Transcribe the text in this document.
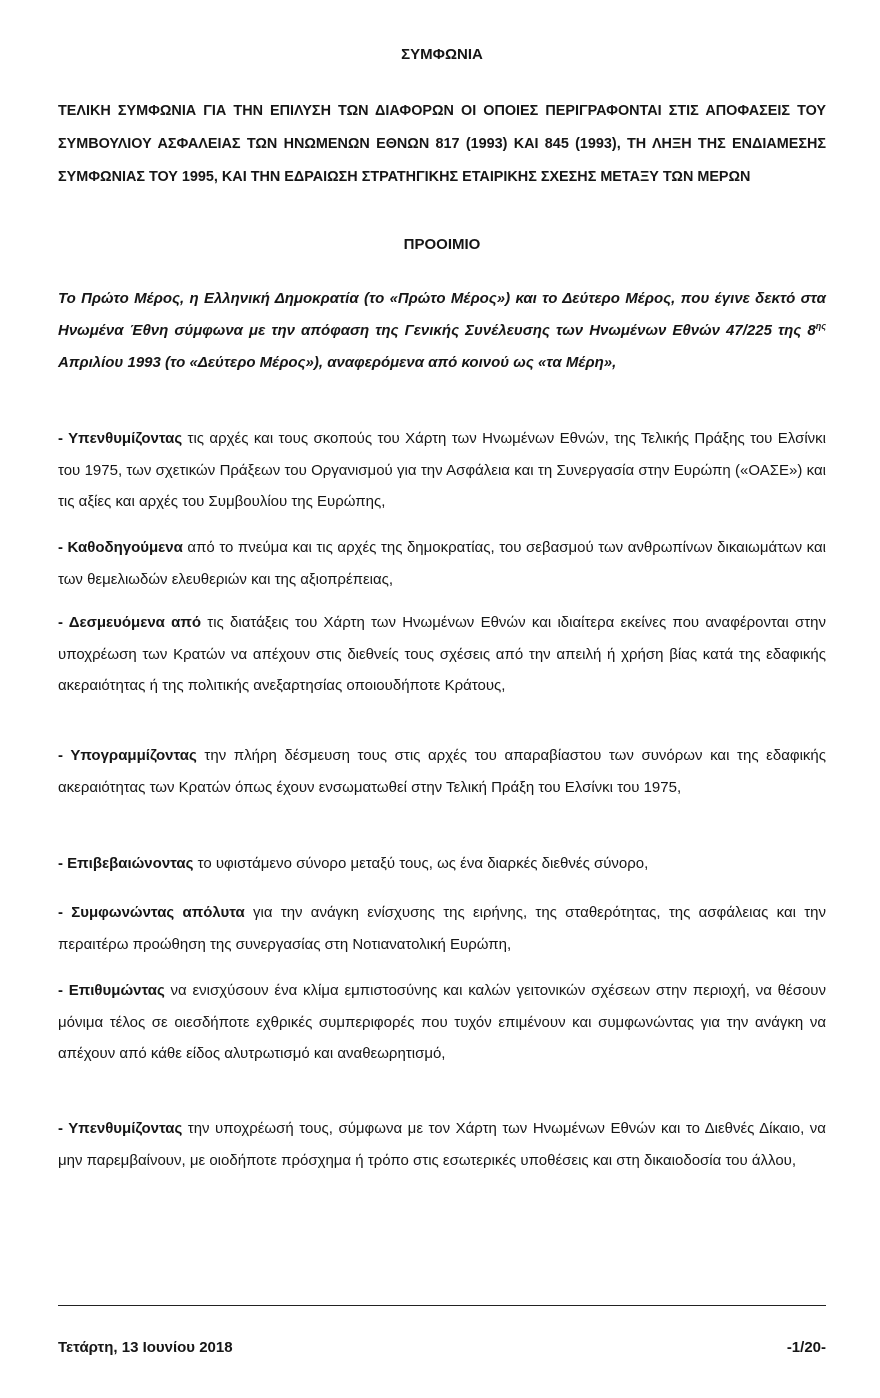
ΣΥΜΦΩΝΙΑ
ΤΕΛΙΚΗ ΣΥΜΦΩΝΙΑ ΓΙΑ ΤΗΝ ΕΠΙΛΥΣΗ ΤΩΝ ΔΙΑΦΟΡΩΝ ΟΙ ΟΠΟΙΕΣ ΠΕΡΙΓΡΑΦΟΝΤΑΙ ΣΤΙΣ ΑΠΟΦΑΣΕΙΣ ΤΟΥ ΣΥΜΒΟΥΛΙΟΥ ΑΣΦΑΛΕΙΑΣ ΤΩΝ ΗΝΩΜΕΝΩΝ ΕΘΝΩΝ 817 (1993) ΚΑΙ 845 (1993), ΤΗ ΛΗΞΗ ΤΗΣ ΕΝΔΙΑΜΕΣΗΣ ΣΥΜΦΩΝΙΑΣ ΤΟΥ 1995, ΚΑΙ ΤΗΝ ΕΔΡΑΙΩΣΗ ΣΤΡΑΤΗΓΙΚΗΣ ΕΤΑΙΡΙΚΗΣ ΣΧΕΣΗΣ ΜΕΤΑΞΥ ΤΩΝ ΜΕΡΩΝ
ΠΡΟΟΙΜΙΟ
Το Πρώτο Μέρος, η Ελληνική Δημοκρατία (το «Πρώτο Μέρος») και το Δεύτερο Μέρος, που έγινε δεκτό στα Ηνωμένα Έθνη σύμφωνα με την απόφαση της Γενικής Συνέλευσης των Ηνωμένων Εθνών 47/225 της $8^{\eta\varsigma}$ Απριλίου 1993 (το «Δεύτερο Μέρος»), αναφερόμενα από κοινού ως «τα Μέρη»,
- Υπενθυμίζοντας τις αρχές και τους σκοπούς του Χάρτη των Ηνωμένων Εθνών, της Τελικής Πράξης του Ελσίνκι του 1975, των σχετικών Πράξεων του Οργανισμού για την Ασφάλεια και τη Συνεργασία στην Ευρώπη («ΟΑΣΕ») και τις αξίες και αρχές του Συμβουλίου της Ευρώπης,
- Καθοδηγούμενα από το πνεύμα και τις αρχές της δημοκρατίας, του σεβασμού των ανθρωπίνων δικαιωμάτων και των θεμελιωδών ελευθεριών και της αξιοπρέπειας,
- Δεσμευόμενα από τις διατάξεις του Χάρτη των Ηνωμένων Εθνών και ιδιαίτερα εκείνες που αναφέρονται στην υποχρέωση των Κρατών να απέχουν στις διεθνείς τους σχέσεις από την απειλή ή χρήση βίας κατά της εδαφικής ακεραιότητας ή της πολιτικής ανεξαρτησίας οποιουδήποτε Κράτους,
- Υπογραμμίζοντας την πλήρη δέσμευση τους στις αρχές του απαραβίαστου των συνόρων και της εδαφικής ακεραιότητας των Κρατών όπως έχουν ενσωματωθεί στην Τελική Πράξη του Ελσίνκι του 1975,
- Επιβεβαιώνοντας το υφιστάμενο σύνορο μεταξύ τους, ως ένα διαρκές διεθνές σύνορο,
- Συμφωνώντας απόλυτα για την ανάγκη ενίσχυσης της ειρήνης, της σταθερότητας, της ασφάλειας και την περαιτέρω προώθηση της συνεργασίας στη Νοτιανατολική Ευρώπη,
- Επιθυμώντας να ενισχύσουν ένα κλίμα εμπιστοσύνης και καλών γειτονικών σχέσεων στην περιοχή, να θέσουν μόνιμα τέλος σε οιεσδήποτε εχθρικές συμπεριφορές που τυχόν επιμένουν και συμφωνώντας για την ανάγκη να απέχουν από κάθε είδος αλυτρωτισμό και αναθεωρητισμό,
- Υπενθυμίζοντας την υποχρέωσή τους, σύμφωνα με τον Χάρτη των Ηνωμένων Εθνών και το Διεθνές Δίκαιο, να μην παρεμβαίνουν, με οιοδήποτε πρόσχημα ή τρόπο στις εσωτερικές υποθέσεις και στη δικαιοδοσία του άλλου,
Τετάρτη, 13 Ιουνίου 2018	-1/20-
